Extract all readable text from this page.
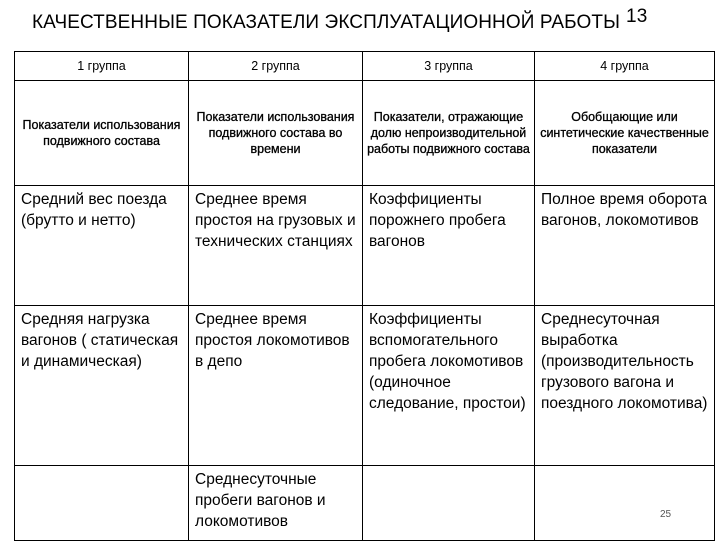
КАЧЕСТВЕННЫЕ ПОКАЗАТЕЛИ ЭКСПЛУАТАЦИОННОЙ РАБОТЫ 13
1 группа	2 группа	3 группа	4 группа
Показатели использования подвижного состава	Показатели использования подвижного состава во времени	Показатели, отражающие долю непроизводительной работы подвижного состава	Обобщающие или синтетические качественные показатели
Средний вес поезда (брутто и нетто)	Среднее время простоя на грузовых и технических станциях	Коэффициенты порожнего пробега вагонов	Полное время оборота вагонов, локомотивов
Средняя нагрузка вагонов ( статическая и динамическая)	Среднее время простоя локомотивов в депо	Коэффициенты вспомогательного пробега локомотивов (одиночное следование, простои)	Среднесуточная выработка (производительность грузового вагона и поездного локомотива)
	Среднесуточные пробеги вагонов и локомотивов			25
